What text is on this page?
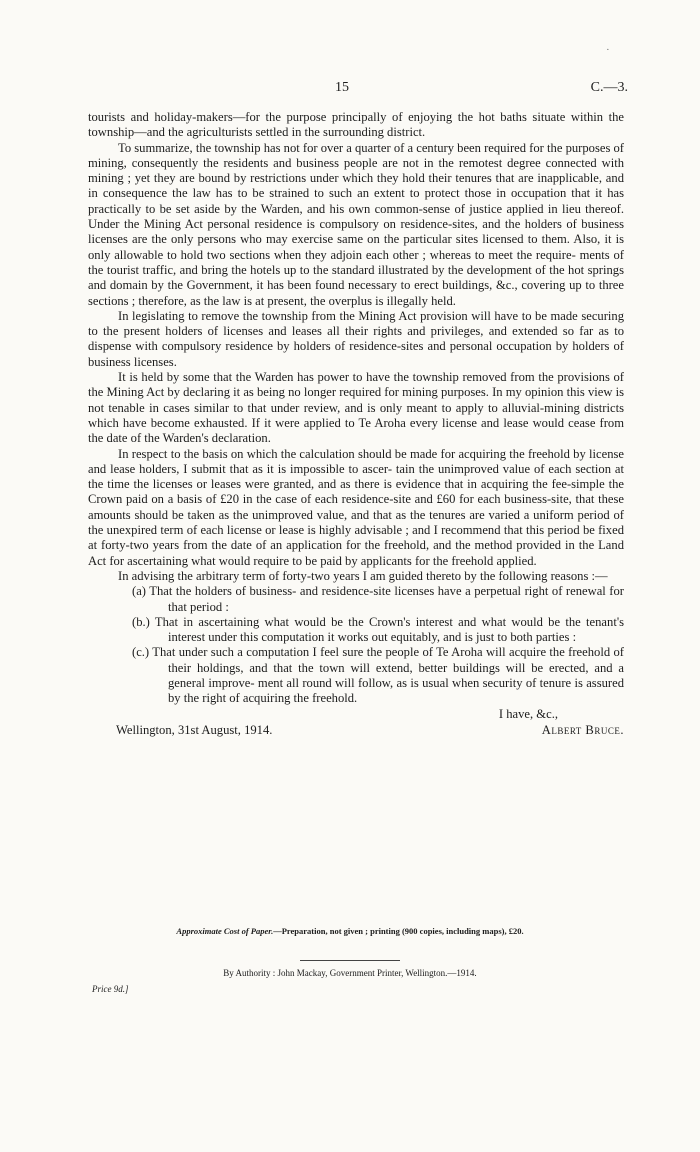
15	C.—3.
·

tourists and holiday-makers—for the purpose principally of enjoying the hot baths situate within the township—and the agriculturists settled in the surrounding district.

To summarize, the township has not for over a quarter of a century been required for the purposes of mining, consequently the residents and business people are not in the remotest degree connected with mining ; yet they are bound by restrictions under which they hold their tenures that are inapplicable, and in consequence the law has to be strained to such an extent to protect those in occupation that it has practically to be set aside by the Warden, and his own common-sense of justice applied in lieu thereof. Under the Mining Act personal residence is compulsory on residence-sites, and the holders of business licenses are the only persons who may exercise same on the particular sites licensed to them. Also, it is only allowable to hold two sections when they adjoin each other ; whereas to meet the require- ments of the tourist traffic, and bring the hotels up to the standard illustrated by the development of the hot springs and domain by the Government, it has been found necessary to erect buildings, &c., covering up to three sections ; therefore, as the law is at present, the overplus is illegally held.

In legislating to remove the township from the Mining Act provision will have to be made securing to the present holders of licenses and leases all their rights and privileges, and extended so far as to dispense with compulsory residence by holders of residence-sites and personal occupation by holders of business licenses.

It is held by some that the Warden has power to have the township removed from the provisions of the Mining Act by declaring it as being no longer required for mining purposes. In my opinion this view is not tenable in cases similar to that under review, and is only meant to apply to alluvial-mining districts which have become exhausted. If it were applied to Te Aroha every license and lease would cease from the date of the Warden's declaration.

In respect to the basis on which the calculation should be made for acquiring the freehold by license and lease holders, I submit that as it is impossible to ascer- tain the unimproved value of each section at the time the licenses or leases were granted, and as there is evidence that in acquiring the fee-simple the Crown paid on a basis of £20 in the case of each residence-site and £60 for each business-site, that these amounts should be taken as the unimproved value, and that as the tenures are varied a uniform period of the unexpired term of each license or lease is highly advisable ; and I recommend that this period be fixed at forty-two years from the date of an application for the freehold, and the method provided in the Land Act for ascertaining what would require to be paid by applicants for the freehold applied.

In advising the arbitrary term of forty-two years I am guided thereto by the following reasons :—

(a) That the holders of business- and residence-site licenses have a perpetual right of renewal for that period :
(b.) That in ascertaining what would be the Crown's interest and what would be the tenant's interest under this computation it works out equitably, and is just to both parties :
(c.) That under such a computation I feel sure the people of Te Aroha will acquire the freehold of their holdings, and that the town will extend, better buildings will be erected, and a general improve- ment all round will follow, as is usual when security of tenure is assured by the right of acquiring the freehold.
I have, &c.,
Wellington, 31st August, 1914.	Albert Bruce.
Approximate Cost of Paper.—Preparation, not given ; printing (900 copies, including maps), £20.
By Authority : John Mackay, Government Printer, Wellington.—1914.
Price 9d.]
